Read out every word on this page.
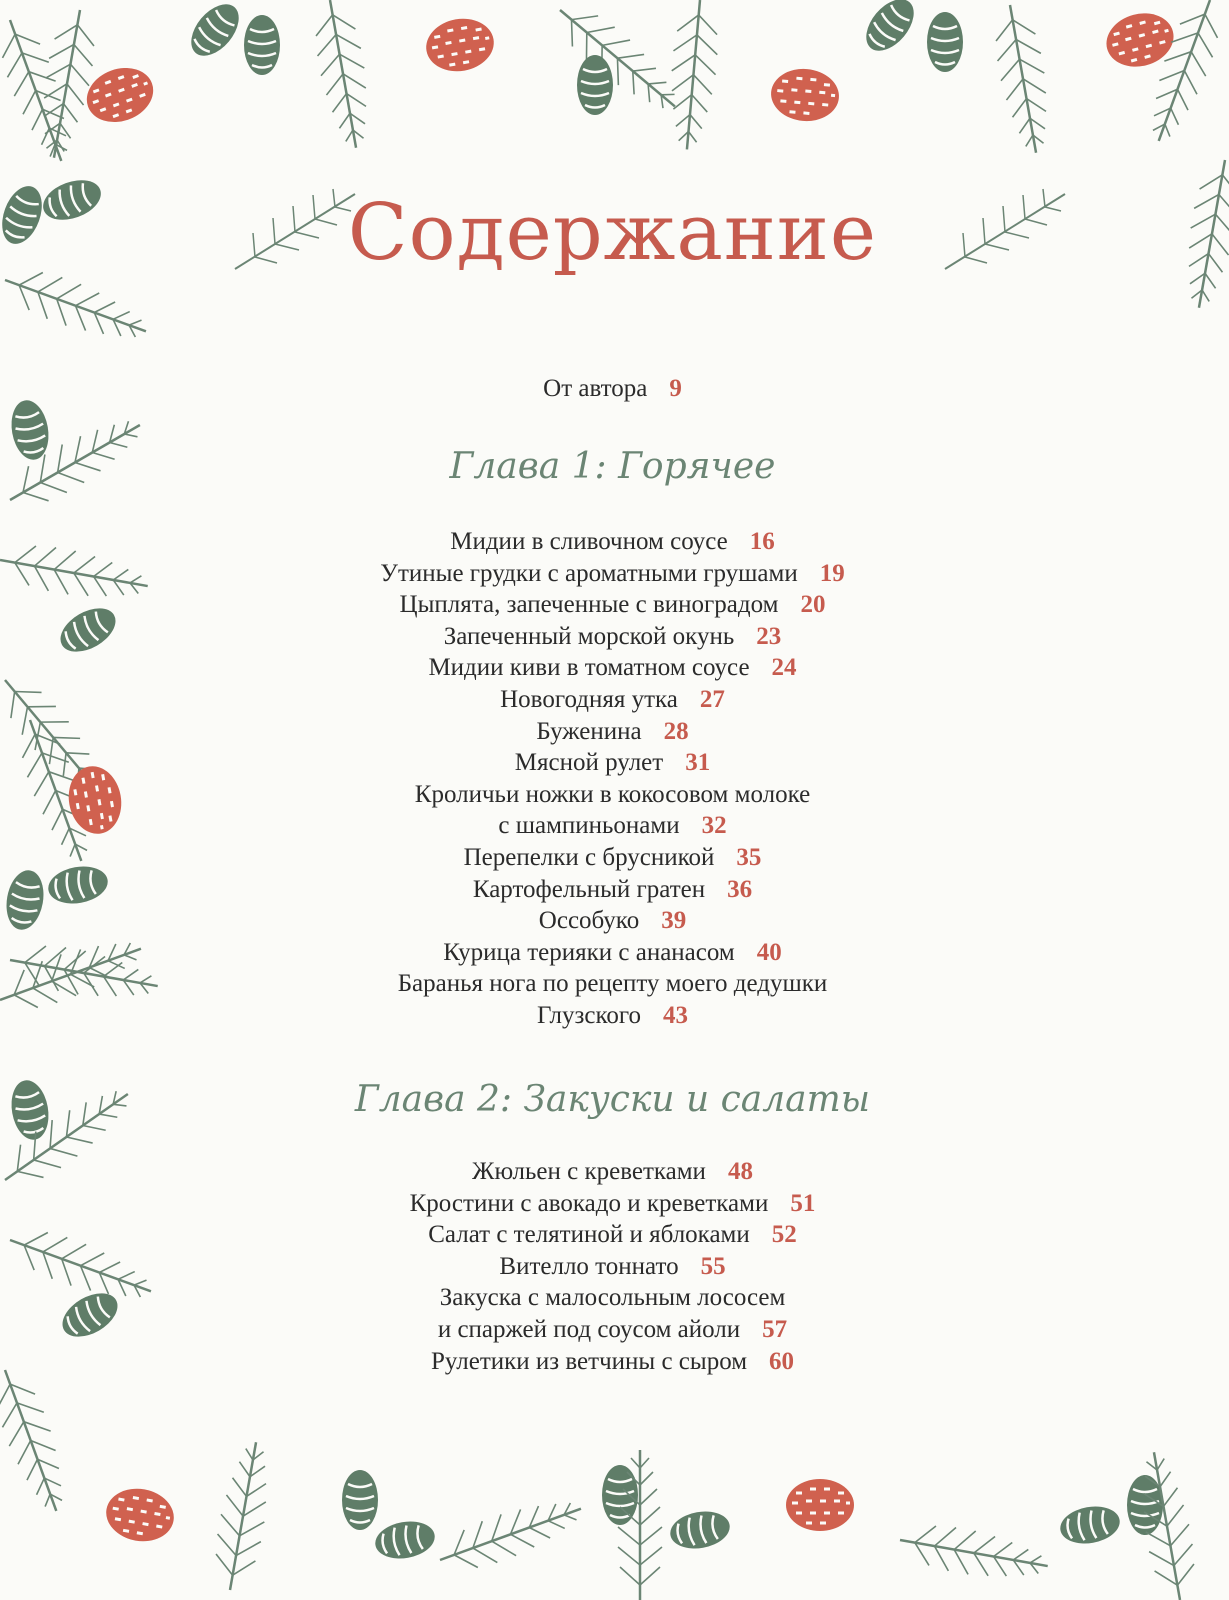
Содержание
От автора 9
Глава 1: Горячее
Мидии в сливочном соусе 16
Утиные грудки с ароматными грушами 19
Цыплята, запеченные с виноградом 20
Запеченный морской окунь 23
Мидии киви в томатном соусе 24
Новогодняя утка 27
Буженина 28
Мясной рулет 31
Кроличьи ножки в кокосовом молоке
с шампиньонами 32
Перепелки с брусникой 35
Картофельный гратен 36
Оссобуко 39
Курица терияки с ананасом 40
Баранья нога по рецепту моего дедушки
Глузского 43
Глава 2: Закуски и салаты
Жюльен с креветками 48
Кростини с авокадо и креветками 51
Салат с телятиной и яблоками 52
Вителло тоннато 55
Закуска с малосольным лососем
и спаржей под соусом айоли 57
Рулетики из ветчины с сыром 60
